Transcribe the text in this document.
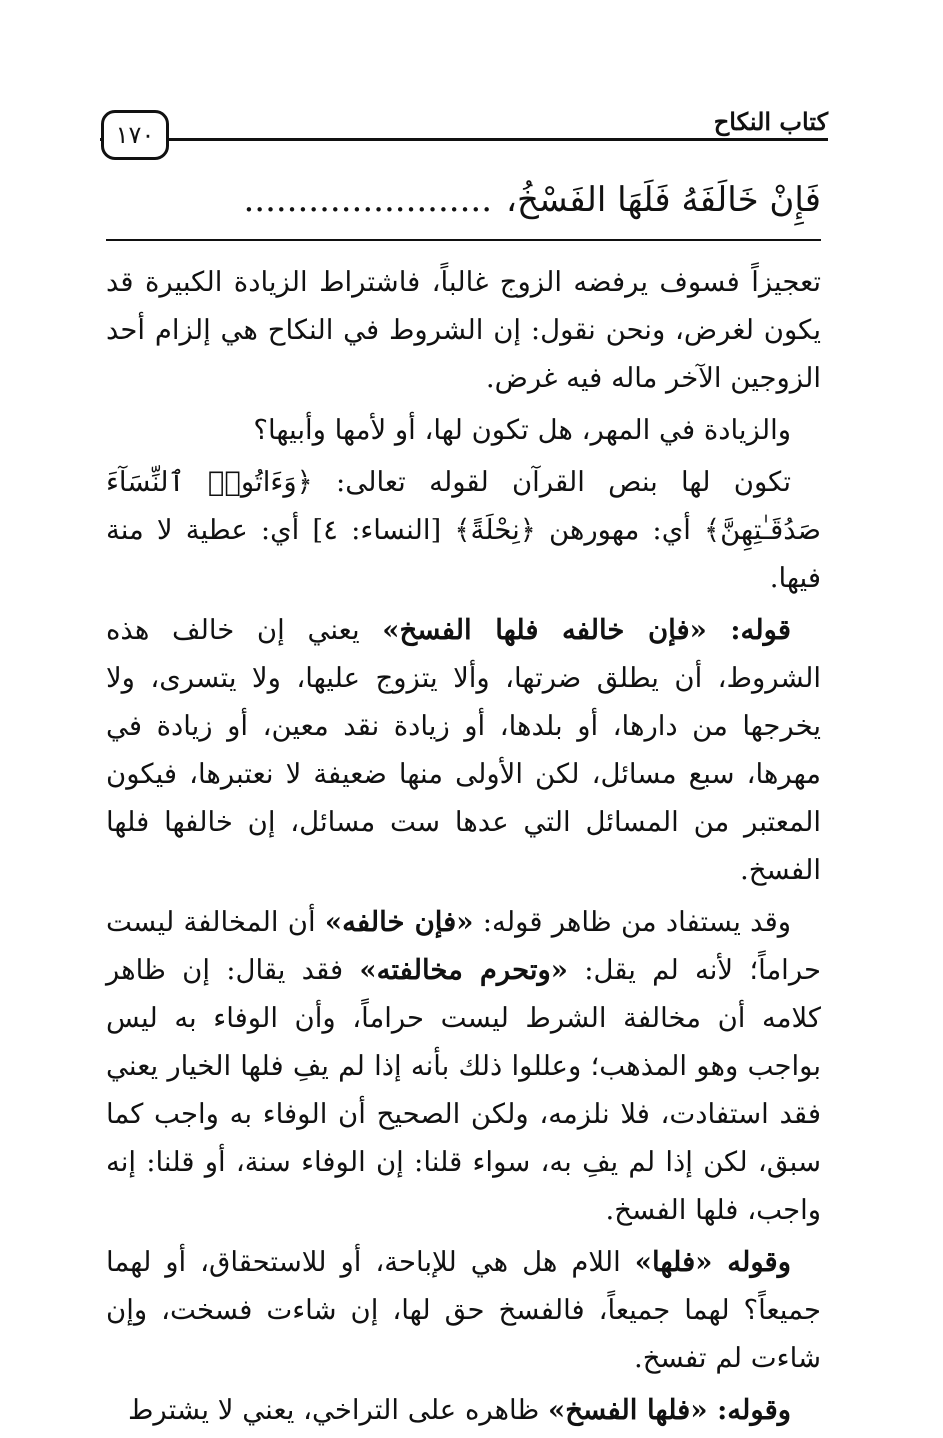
كتاب النكاح
١٧٠
فَإِنْ خَالَفَهُ فَلَهَا الفَسْخُ،.......................

تعجيزاً فسوف يرفضه الزوج غالباً، فاشتراط الزيادة الكبيرة قد يكون لغرض، ونحن نقول: إن الشروط في النكاح هي إلزام أحد الزوجين الآخر ماله فيه غرض.

والزيادة في المهر، هل تكون لها، أو لأمها وأبيها؟

تكون لها بنص القرآن لقوله تعالى: ﴿وَءَاتُوا۟ ٱلنِّسَآءَ صَدُقَـٰتِهِنَّ﴾ أي: مهورهن ﴿نِحْلَةً﴾ [النساء: ٤] أي: عطية لا منة فيها.

قوله: «فإن خالفه فلها الفسخ» يعني إن خالف هذه الشروط، أن يطلق ضرتها، وألا يتزوج عليها، ولا يتسرى، ولا يخرجها من دارها، أو بلدها، أو زيادة نقد معين، أو زيادة في مهرها، سبع مسائل، لكن الأولى منها ضعيفة لا نعتبرها، فيكون المعتبر من المسائل التي عدها ست مسائل، إن خالفها فلها الفسخ.

وقد يستفاد من ظاهر قوله: «فإن خالفه» أن المخالفة ليست حراماً؛ لأنه لم يقل: «وتحرم مخالفته» فقد يقال: إن ظاهر كلامه أن مخالفة الشرط ليست حراماً، وأن الوفاء به ليس بواجب وهو المذهب؛ وعللوا ذلك بأنه إذا لم يفِ فلها الخيار يعني فقد استفادت، فلا نلزمه، ولكن الصحيح أن الوفاء به واجب كما سبق، لكن إذا لم يفِ به، سواء قلنا: إن الوفاء سنة، أو قلنا: إنه واجب، فلها الفسخ.

وقوله «فلها» اللام هل هي للإباحة، أو للاستحقاق، أو لهما جميعاً؟ لهما جميعاً، فالفسخ حق لها، إن شاءت فسخت، وإن شاءت لم تفسخ.

وقوله: «فلها الفسخ» ظاهره على التراخي، يعني لا يشترط
